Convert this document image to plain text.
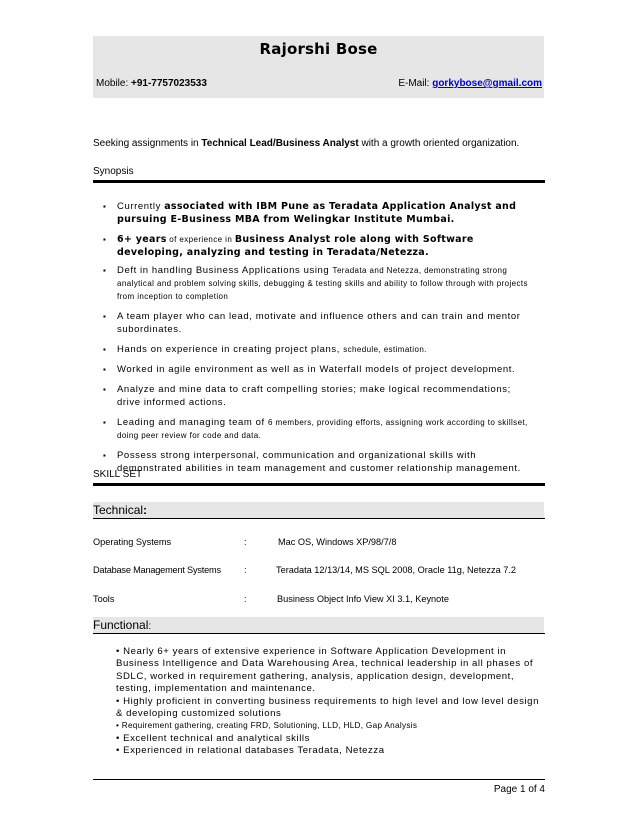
Rajorshi Bose
Mobile: +91-7757023533	E-Mail: gorkybose@gmail.com
Seeking assignments in Technical Lead/Business Analyst with a growth oriented organization.
Synopsis
▪ Currently associated with IBM Pune as Teradata Application Analyst and pursuing E-Business MBA from Welingkar Institute Mumbai.
▪ 6+ years of experience in Business Analyst role along with Software developing, analyzing and testing in Teradata/Netezza.
▪ Deft in handling Business Applications using Teradata and Netezza, demonstrating strong analytical and problem solving skills, debugging & testing skills and ability to follow through with projects from inception to completion
▪ A team player who can lead, motivate and influence others and can train and mentor subordinates.
▪ Hands on experience in creating project plans, schedule, estimation.
▪ Worked in agile environment as well as in Waterfall models of project development.
▪ Analyze and mine data to craft compelling stories; make logical recommendations; drive informed actions.
▪ Leading and managing team of 6 members, providing efforts, assigning work according to skillset, doing peer review for code and data.
▪ Possess strong interpersonal, communication and organizational skills with demonstrated abilities in team management and customer relationship management.
SKILL SET
Technical:
Operating Systems	:	Mac OS, Windows XP/98/7/8
Database Management Systems	:	Teradata 12/13/14, MS SQL 2008, Oracle 11g, Netezza 7.2
Tools	:	Business Object Info View XI 3.1, Keynote
Functional:
• Nearly 6+ years of extensive experience in Software Application Development in Business Intelligence and Data Warehousing Area, technical leadership in all phases of SDLC, worked in requirement gathering, analysis, application design, development, testing, implementation and maintenance.
• Highly proficient in converting business requirements to high level and low level design & developing customized solutions
• Requirement gathering, creating FRD, Solutioning, LLD, HLD, Gap Analysis
• Excellent technical and analytical skills
• Experienced in relational databases Teradata, Netezza
Page 1 of 4
